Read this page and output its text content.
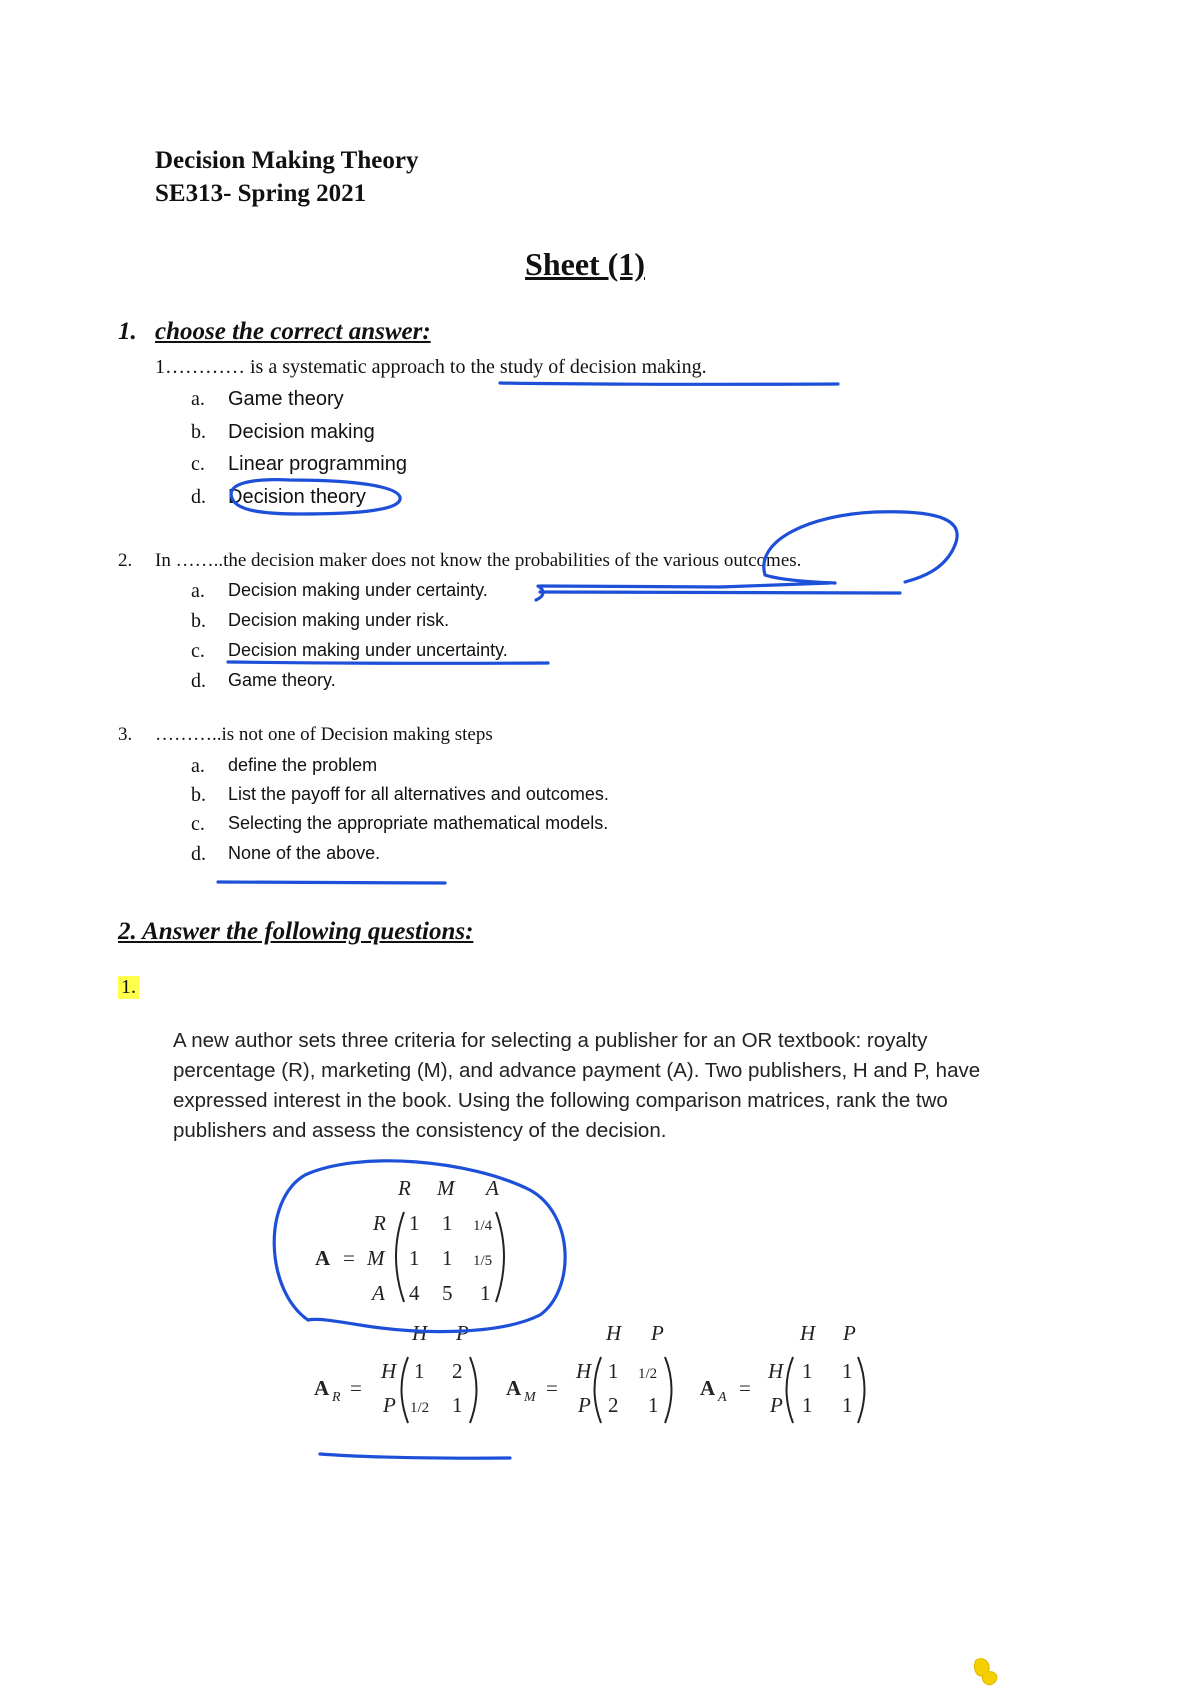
Decision Making Theory
SE313- Spring 2021
Sheet (1)
1. choose the correct answer:
1………… is a systematic approach to the study of decision making.
a. Game theory
b. Decision making
c. Linear programming
d. Decision theory
2. In ……..the decision maker does not know the probabilities of the various outcomes.
a. Decision making under certainty.
b. Decision making under risk.
c. Decision making under uncertainty.
d. Game theory.
3. ………..is not one of Decision making steps
a. define the problem
b. List the payoff for all alternatives and outcomes.
c. Selecting the appropriate mathematical models.
d. None of the above.
2. Answer the following questions:
1.
A new author sets three criteria for selecting a publisher for an OR textbook: royalty
percentage (R), marketing (M), and advance payment (A). Two publishers, H and P, have
expressed interest in the book. Using the following comparison matrices, rank the two
publishers and assess the consistency of the decision.
R M A
A =
R
M
A
1 1 1/4
1 1 1/5
4 5 1
H P
A R =
H
P
1 2
1/2 1
H P
A M =
H
P
1 1/2
2 1
H P
A A =
H
P
1 1
1 1
